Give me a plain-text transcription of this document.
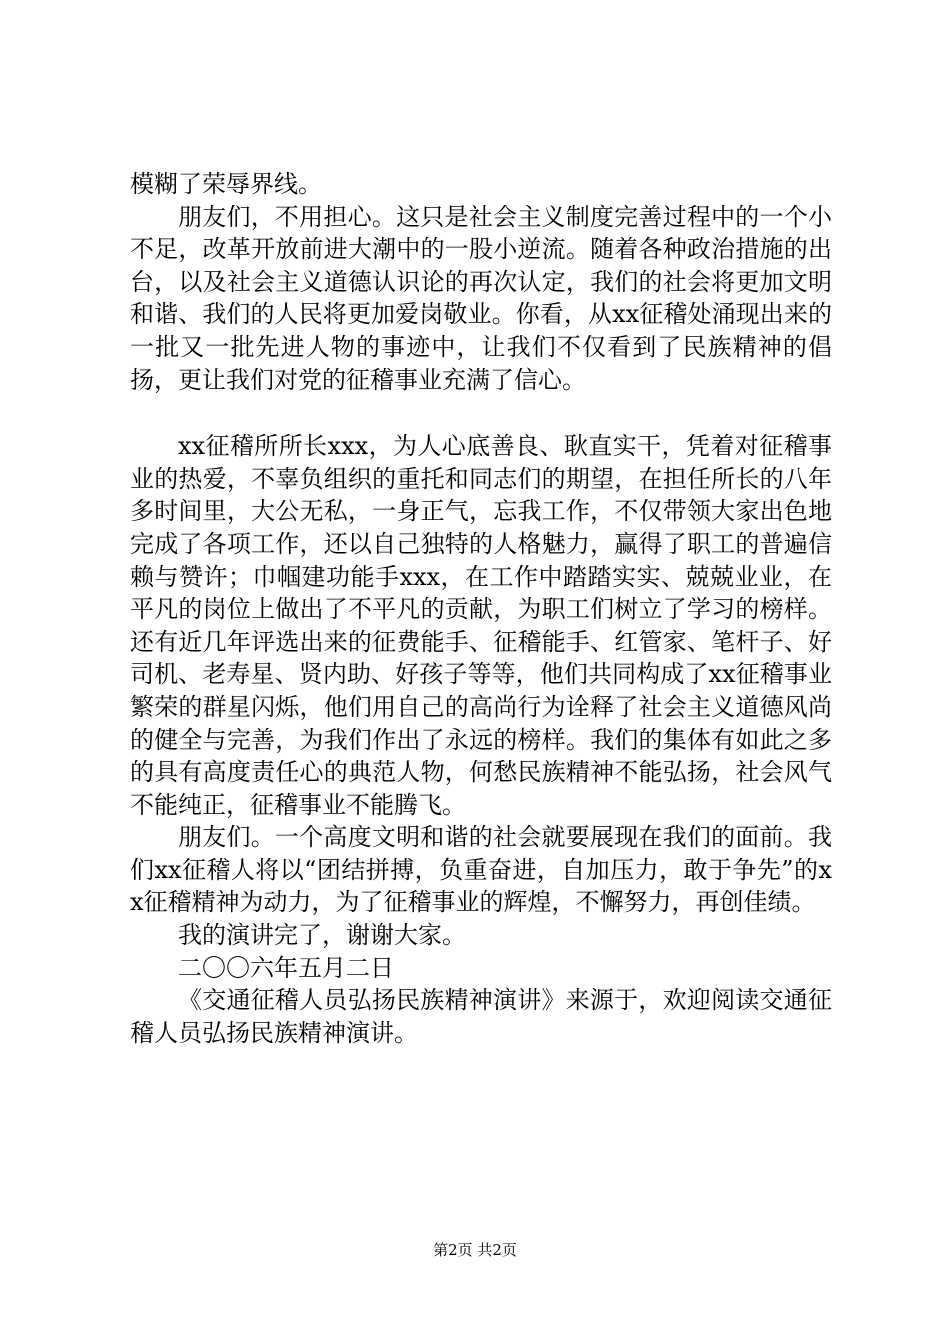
模糊了荣辱界线。

朋友们，不用担心。这只是社会主义制度完善过程中的一个小不足，改革开放前进大潮中的一股小逆流。随着各种政治措施的出台，以及社会主义道德认识论的再次认定，我们的社会将更加文明和谐、我们的人民将更加爱岗敬业。你看，从xx征稽处涌现出来的一批又一批先进人物的事迹中，让我们不仅看到了民族精神的倡扬，更让我们对党的征稽事业充满了信心。

xx征稽所所长xxx，为人心底善良、耿直实干，凭着对征稽事业的热爱，不辜负组织的重托和同志们的期望，在担任所长的八年多时间里，大公无私，一身正气，忘我工作，不仅带领大家出色地完成了各项工作，还以自己独特的人格魅力，赢得了职工的普遍信赖与赞许；巾帼建功能手xxx，在工作中踏踏实实、兢兢业业，在平凡的岗位上做出了不平凡的贡献，为职工们树立了学习的榜样。还有近几年评选出来的征费能手、征稽能手、红管家、笔杆子、好司机、老寿星、贤内助、好孩子等等，他们共同构成了xx征稽事业繁荣的群星闪烁，他们用自己的高尚行为诠释了社会主义道德风尚的健全与完善，为我们作出了永远的榜样。我们的集体有如此之多的具有高度责任心的典范人物，何愁民族精神不能弘扬，社会风气不能纯正，征稽事业不能腾飞。

朋友们。一个高度文明和谐的社会就要展现在我们的面前。我们xx征稽人将以“团结拼搏，负重奋进，自加压力，敢于争先”的xx征稽精神为动力，为了征稽事业的辉煌，不懈努力，再创佳绩。

我的演讲完了，谢谢大家。

二〇〇六年五月二日

《交通征稽人员弘扬民族精神演讲》来源于，欢迎阅读交通征稽人员弘扬民族精神演讲。

第2页 共2页
